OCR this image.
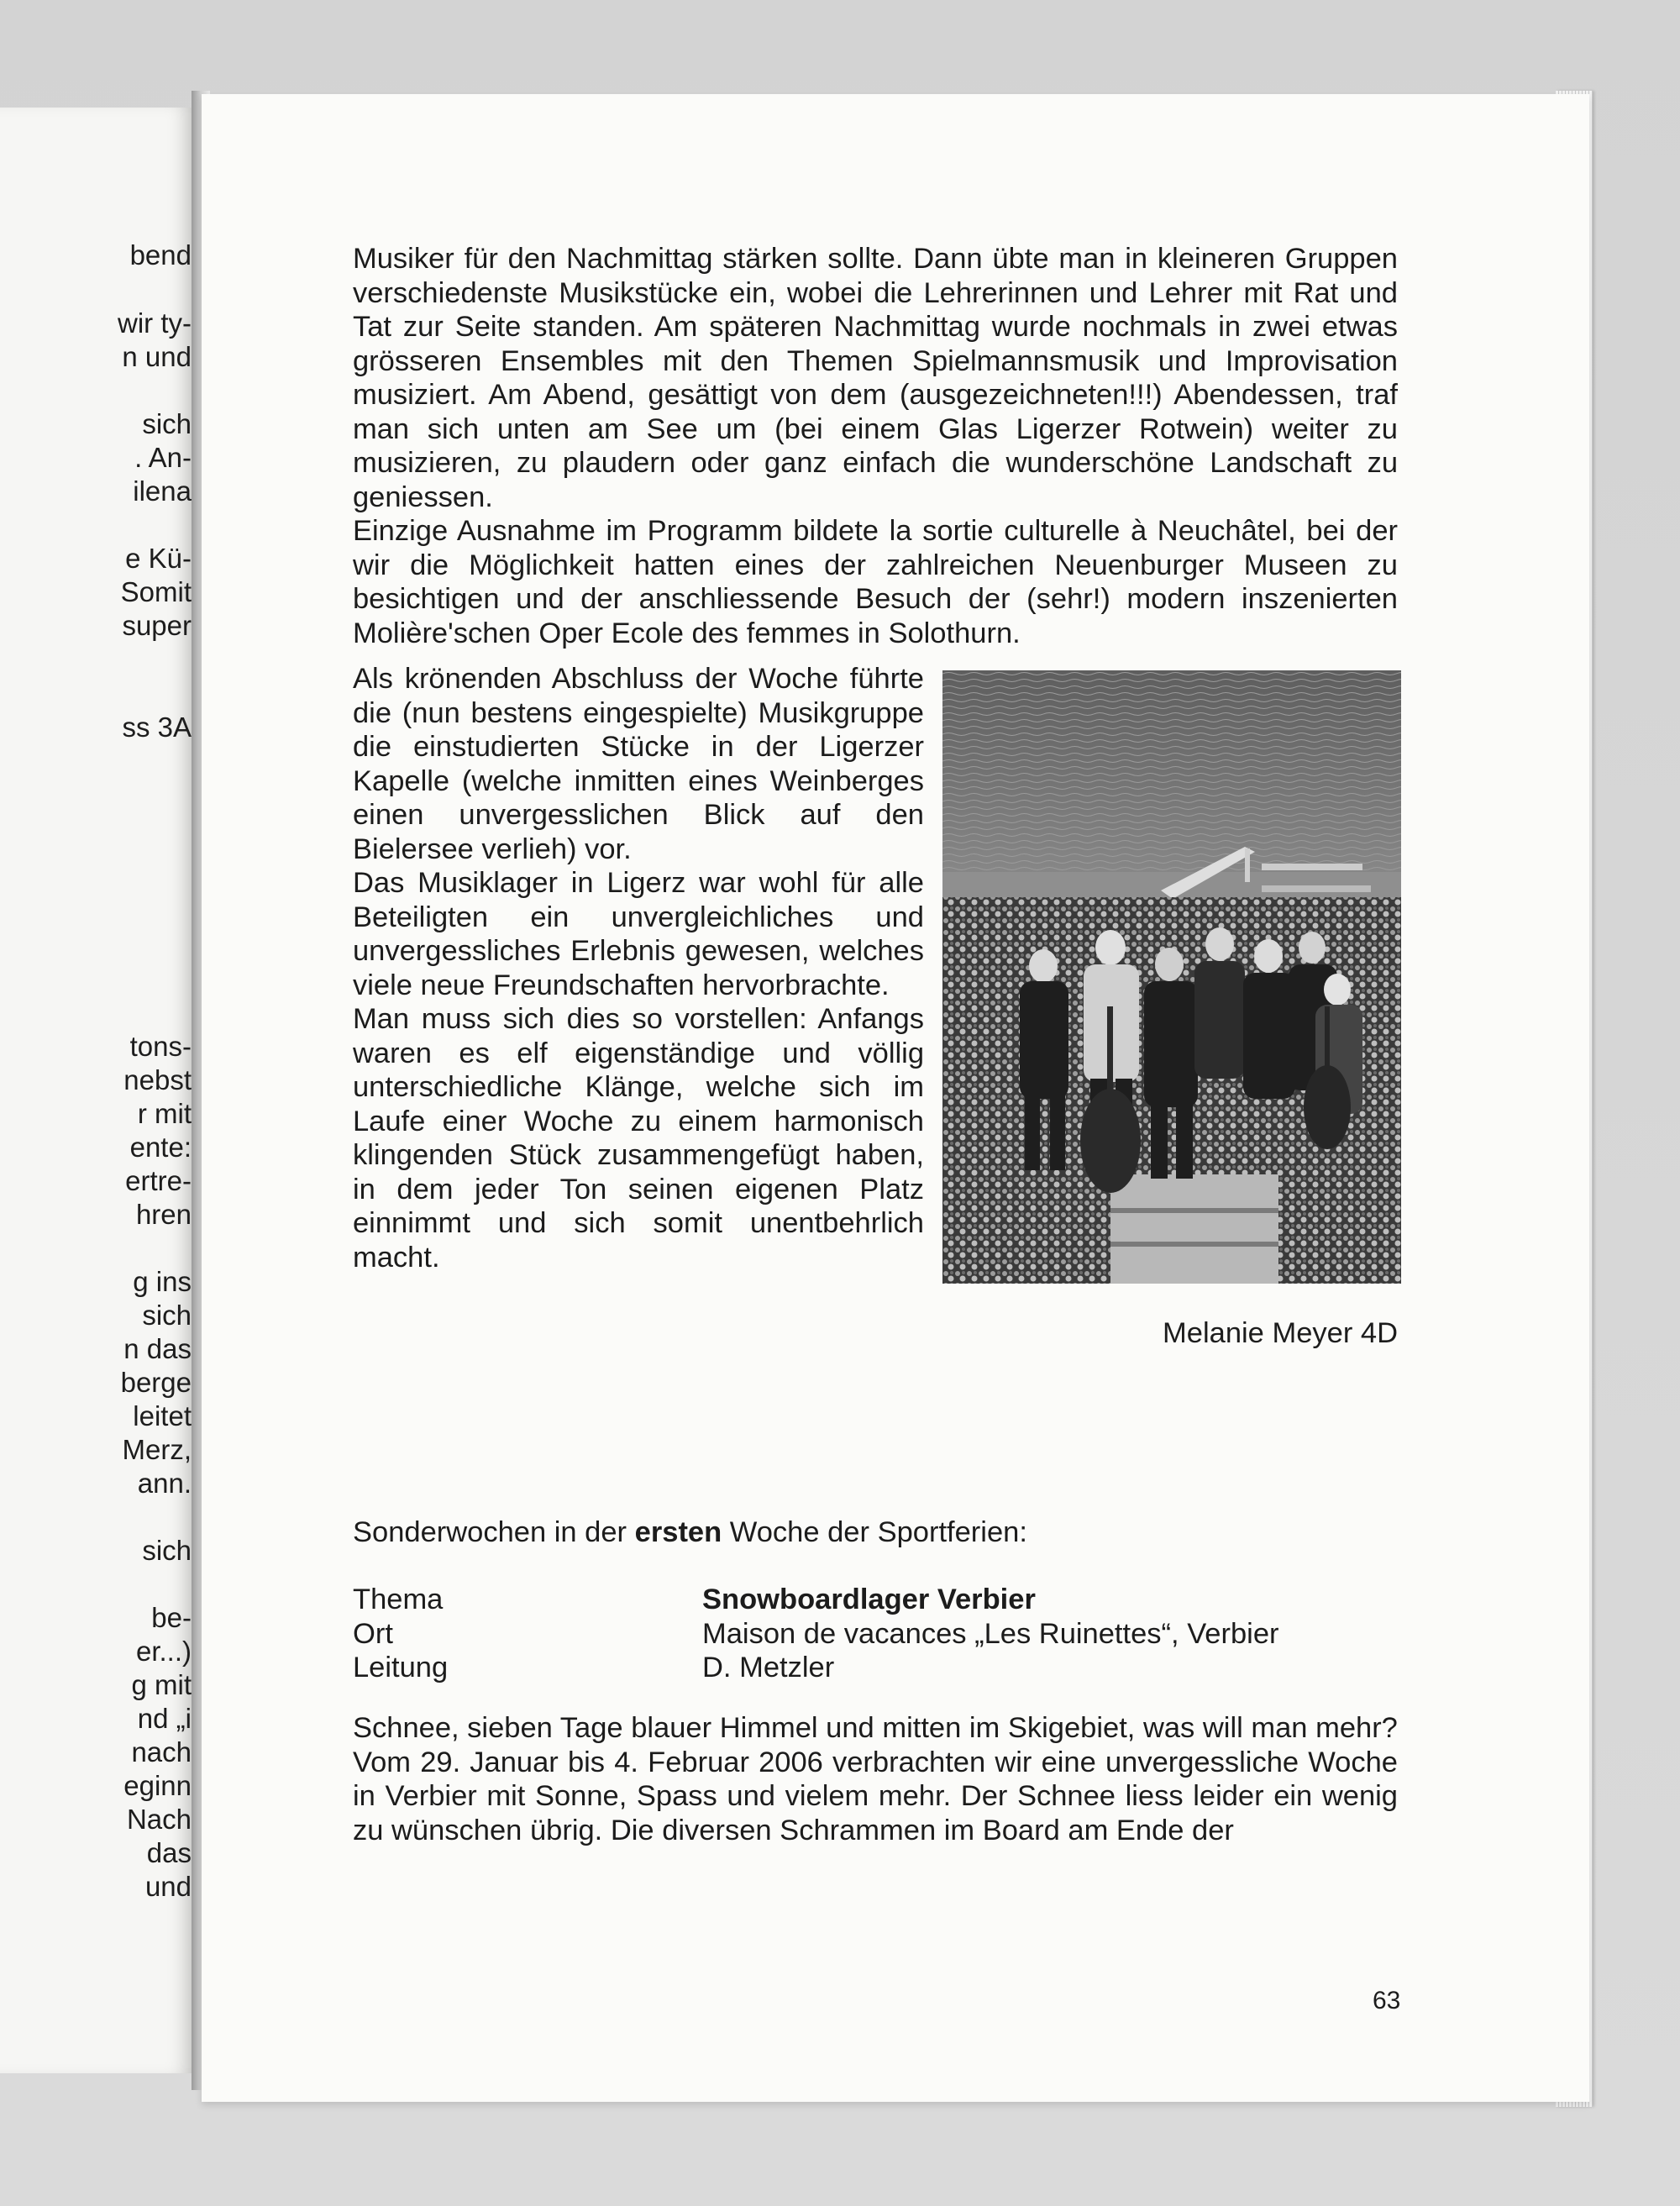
bend
wir ty-
n und
sich
. An-
ilena
e Kü-
Somit
super
ss 3A
tons-
nebst
r mit
ente:
ertre-
hren
g ins
sich
n das
berge
leitet
Merz,
ann.
sich
be-
er...)
g mit
nd „i
nach
eginn
Nach
das
und

Musiker für den Nachmittag stärken sollte. Dann übte man in kleineren Gruppen verschiedenste Musikstücke ein, wobei die Lehrerinnen und Lehrer mit Rat und Tat zur Seite standen. Am späteren Nachmittag wurde nochmals in zwei etwas grösseren Ensembles mit den Themen Spielmannsmusik und Improvisation musiziert. Am Abend, gesättigt von dem (ausgezeichneten!!!) Abendessen, traf man sich unten am See um (bei einem Glas Ligerzer Rotwein) weiter zu musizieren, zu plaudern oder ganz einfach die wunderschöne Landschaft zu geniessen.

Einzige Ausnahme im Programm bildete la sortie culturelle à Neuchâtel, bei der wir die Möglichkeit hatten eines der zahlreichen Neuenburger Museen zu besichtigen und der anschliessende Besuch der (sehr!) modern inszenierten Molière'schen Oper Ecole des femmes in Solothurn.

Als krönenden Abschluss der Woche führte die (nun bestens eingespielte) Musikgruppe die einstudierten Stücke in der Ligerzer Kapelle (welche inmitten eines Weinberges einen unvergesslichen Blick auf den Bielersee verlieh) vor.

Das Musiklager in Ligerz war wohl für alle Beteiligten ein unvergleichliches und unvergessliches Erlebnis gewesen, welches viele neue Freundschaften hervorbrachte.

Man muss sich dies so vorstellen: Anfangs waren es elf eigenständige und völlig unterschiedliche Klänge, welche sich im Laufe einer Woche zu einem harmonisch klingenden Stück zusammengefügt haben, in dem jeder Ton seinen eigenen Platz einnimmt und sich somit unentbehrlich macht.

Melanie Meyer 4D
Sonderwochen in der ersten Woche der Sportferien:
Thema	Snowboardlager Verbier
Ort	Maison de vacances „Les Ruinettes“, Verbier
Leitung	D. Metzler

Schnee, sieben Tage blauer Himmel und mitten im Skigebiet, was will man mehr?

Vom 29. Januar bis 4. Februar 2006 verbrachten wir eine unvergessliche Woche in Verbier mit Sonne, Spass und vielem mehr. Der Schnee liess leider ein wenig zu wünschen übrig. Die diversen Schrammen im Board am Ende der

63
